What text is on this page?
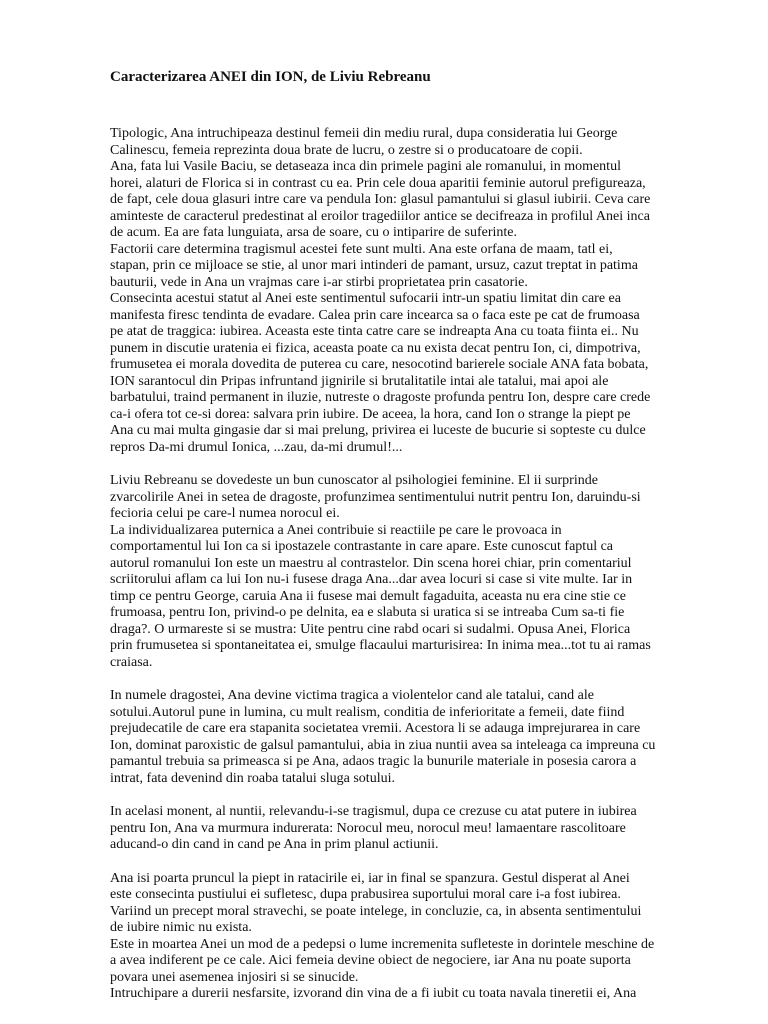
Caracterizarea ANEI din ION, de Liviu Rebreanu

Tipologic, Ana intruchipeaza destinul femeii din mediu rural, dupa consideratia lui George
Calinescu, femeia reprezinta doua brate de lucru, o zestre si o producatoare de copii.
Ana, fata lui Vasile Baciu, se detaseaza inca din primele pagini ale romanului, in momentul
horei, alaturi de Florica si in contrast cu ea. Prin cele doua aparitii feminie autorul prefigureaza,
de fapt, cele doua glasuri intre care va pendula Ion: glasul pamantului si glasul iubirii. Ceva care
aminteste de caracterul predestinat al eroilor tragediilor antice se decifreaza in profilul Anei inca
de acum. Ea are fata lunguiata, arsa de soare, cu o intiparire de suferinte.
Factorii care determina tragismul acestei fete sunt multi. Ana este orfana de maam, tatl ei,
stapan, prin ce mijloace se stie, al unor mari intinderi de pamant, ursuz, cazut treptat in patima
bauturii, vede in Ana un vrajmas care i-ar stirbi proprietatea prin casatorie.
Consecinta acestui statut al Anei este sentimentul sufocarii intr-un spatiu limitat din care ea
manifesta firesc tendinta de evadare. Calea prin care incearca sa o faca este pe cat de frumoasa
pe atat de traggica: iubirea. Aceasta este tinta catre care se indreapta Ana cu toata fiinta ei.. Nu
punem in discutie uratenia ei fizica, aceasta poate ca nu exista decat pentru Ion, ci, dimpotriva,
frumusetea ei morala dovedita de puterea cu care, nesocotind barierele sociale ANA fata bobata,
ION sarantocul din Pripas infruntand jignirile si brutalitatile intai ale tatalui, mai apoi ale
barbatului, traind permanent in iluzie, nutreste o dragoste profunda pentru Ion, despre care crede
ca-i ofera tot ce-si dorea: salvara prin iubire. De aceea, la hora, cand Ion o strange la piept pe
Ana cu mai multa gingasie dar si mai prelung, privirea ei luceste de bucurie si sopteste cu dulce
repros Da-mi drumul Ionica, ...zau, da-mi drumul!...

Liviu Rebreanu se dovedeste un bun cunoscator al psihologiei feminine. El ii surprinde
zvarcolirile Anei in setea de dragoste, profunzimea sentimentului nutrit pentru Ion, daruindu-si
fecioria celui pe care-l numea norocul ei.
La individualizarea puternica a Anei contribuie si reactiile pe care le provoaca in
comportamentul lui Ion ca si ipostazele contrastante in care apare. Este cunoscut faptul ca
autorul romanului Ion este un maestru al contrastelor. Din scena horei chiar, prin comentariul
scriitorului aflam ca lui Ion nu-i fusese draga Ana...dar avea locuri si case si vite multe. Iar in
timp ce pentru George, caruia Ana ii fusese mai demult fagaduita, aceasta nu era cine stie ce
frumoasa, pentru Ion, privind-o pe delnita, ea e slabuta si uratica si se intreaba Cum sa-ti fie
draga?. O urmareste si se mustra: Uite pentru cine rabd ocari si sudalmi. Opusa Anei, Florica
prin frumusetea si spontaneitatea ei, smulge flacaului marturisirea: In inima mea...tot tu ai ramas
craiasa.

In numele dragostei, Ana devine victima tragica a violentelor cand ale tatalui, cand ale
sotului.Autorul pune in lumina, cu mult realism, conditia de inferioritate a femeii, date fiind
prejudecatile de care era stapanita societatea vremii. Acestora li se adauga imprejurarea in care
Ion, dominat paroxistic de galsul pamantului, abia in ziua nuntii avea sa inteleaga ca impreuna cu
pamantul trebuia sa primeasca si pe Ana, adaos tragic la bunurile materiale in posesia carora a
intrat, fata devenind din roaba tatalui sluga sotului.

In acelasi monent, al nuntii, relevandu-i-se tragismul, dupa ce crezuse cu atat putere in iubirea
pentru Ion, Ana va murmura indurerata: Norocul meu, norocul meu! lamaentare rascolitoare
aducand-o din cand in cand pe Ana in prim planul actiunii.

Ana isi poarta pruncul la piept in ratacirile ei, iar in final se spanzura. Gestul disperat al Anei
este consecinta pustiului ei sufletesc, dupa prabusirea suportului moral care i-a fost iubirea.
Variind un precept moral stravechi, se poate intelege, in concluzie, ca, in absenta sentimentului
de iubire nimic nu exista.
Este in moartea Anei un mod de a pedepsi o lume incremenita sufleteste in dorintele meschine de
a avea indiferent pe ce cale. Aici femeia devine obiect de negociere, iar Ana nu poate suporta
povara unei asemenea injosiri si se sinucide.
Intruchipare a durerii nesfarsite, izvorand din vina de a fi iubit cu toata navala tineretii ei, Ana
